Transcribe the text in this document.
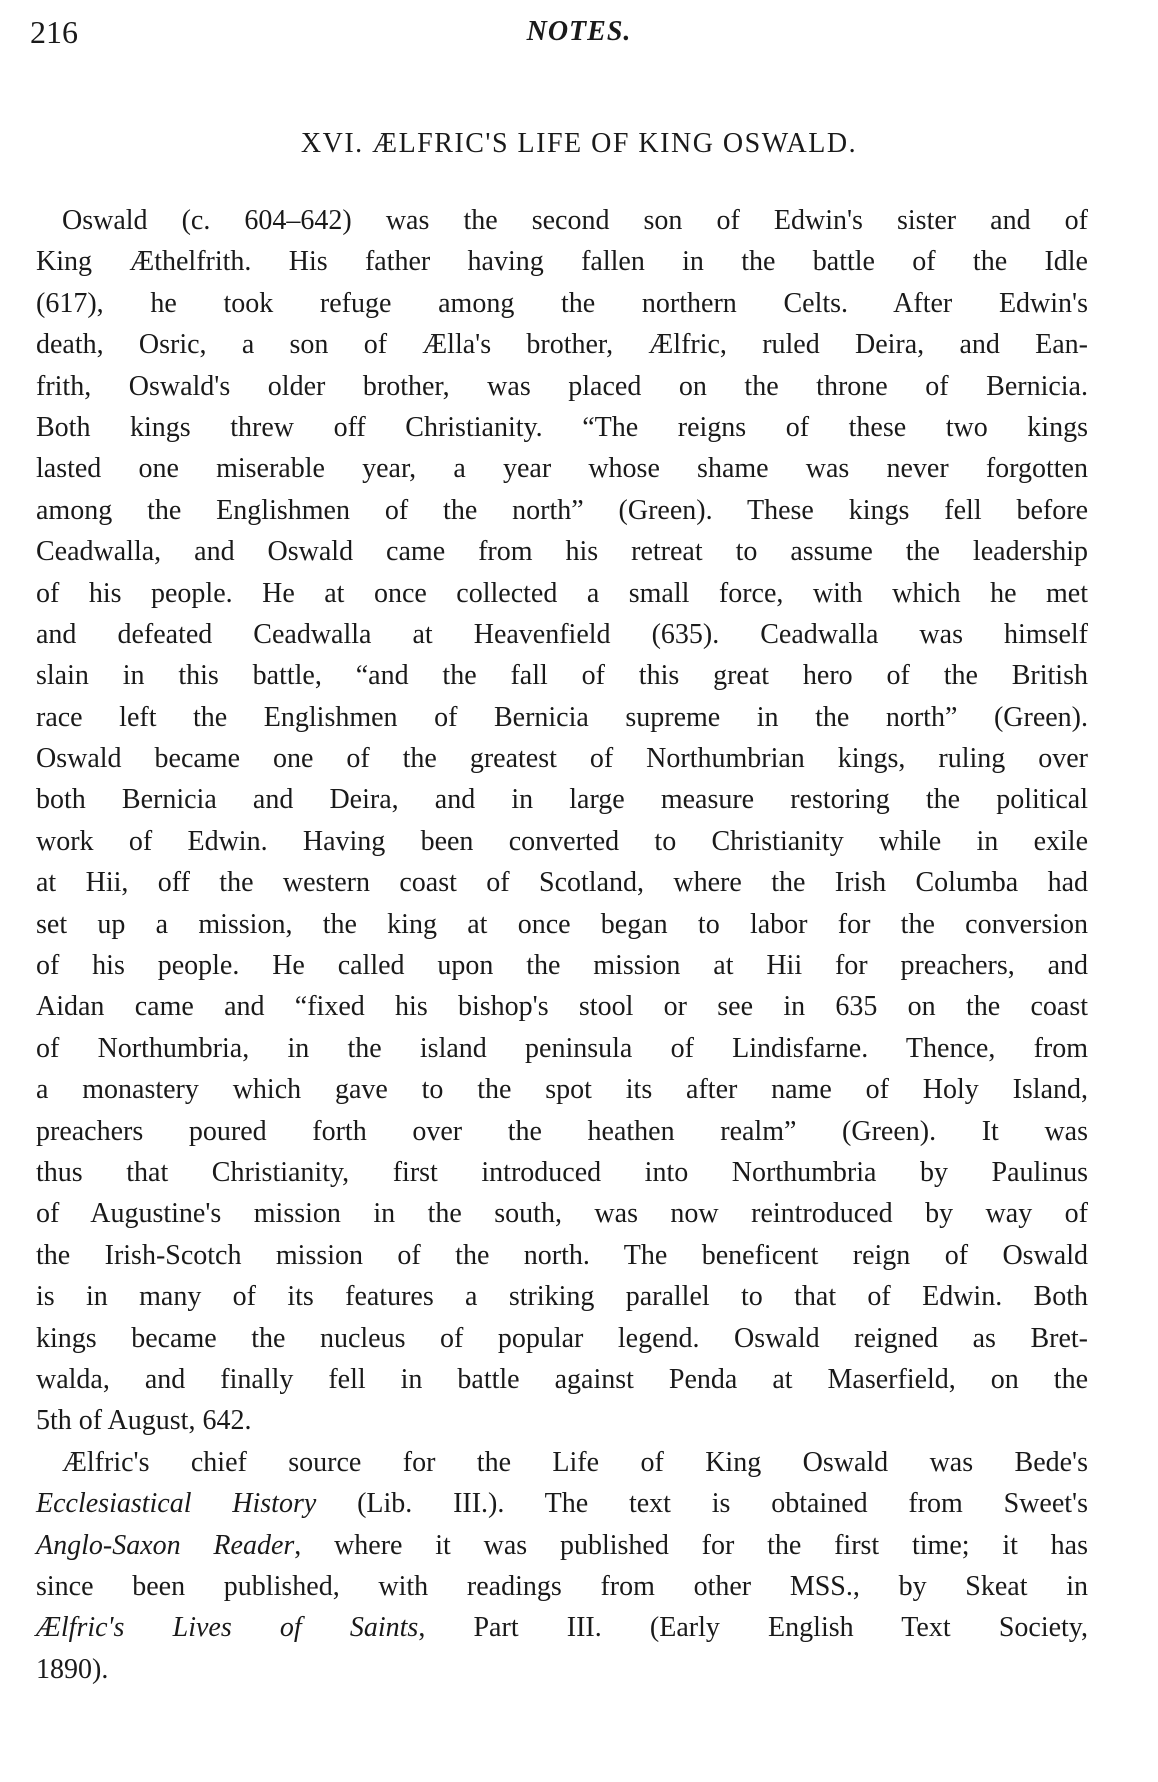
216	NOTES.
XVI. ÆLFRIC'S LIFE OF KING OSWALD.
Oswald (c. 604–642) was the second son of Edwin's sister and of
King Æthelfrith. His father having fallen in the battle of the Idle
(617), he took refuge among the northern Celts. After Edwin's
death, Osric, a son of Ælla's brother, Ælfric, ruled Deira, and Ean-
frith, Oswald's older brother, was placed on the throne of Bernicia.
Both kings threw off Christianity. “The reigns of these two kings
lasted one miserable year, a year whose shame was never forgotten
among the Englishmen of the north” (Green). These kings fell before
Ceadwalla, and Oswald came from his retreat to assume the leadership
of his people. He at once collected a small force, with which he met
and defeated Ceadwalla at Heavenfield (635). Ceadwalla was himself
slain in this battle, “and the fall of this great hero of the British
race left the Englishmen of Bernicia supreme in the north” (Green).
Oswald became one of the greatest of Northumbrian kings, ruling over
both Bernicia and Deira, and in large measure restoring the political
work of Edwin. Having been converted to Christianity while in exile
at Hii, off the western coast of Scotland, where the Irish Columba had
set up a mission, the king at once began to labor for the conversion
of his people. He called upon the mission at Hii for preachers, and
Aidan came and “fixed his bishop's stool or see in 635 on the coast
of Northumbria, in the island peninsula of Lindisfarne. Thence, from
a monastery which gave to the spot its after name of Holy Island,
preachers poured forth over the heathen realm” (Green). It was
thus that Christianity, first introduced into Northumbria by Paulinus
of Augustine's mission in the south, was now reintroduced by way of
the Irish-Scotch mission of the north. The beneficent reign of Oswald
is in many of its features a striking parallel to that of Edwin. Both
kings became the nucleus of popular legend. Oswald reigned as Bret-
walda, and finally fell in battle against Penda at Maserfield, on the
5th of August, 642.
Ælfric's chief source for the Life of King Oswald was Bede's
Ecclesiastical History (Lib. III.). The text is obtained from Sweet's
Anglo-Saxon Reader, where it was published for the first time; it has
since been published, with readings from other MSS., by Skeat in
Ælfric's Lives of Saints, Part III. (Early English Text Society,
1890).
